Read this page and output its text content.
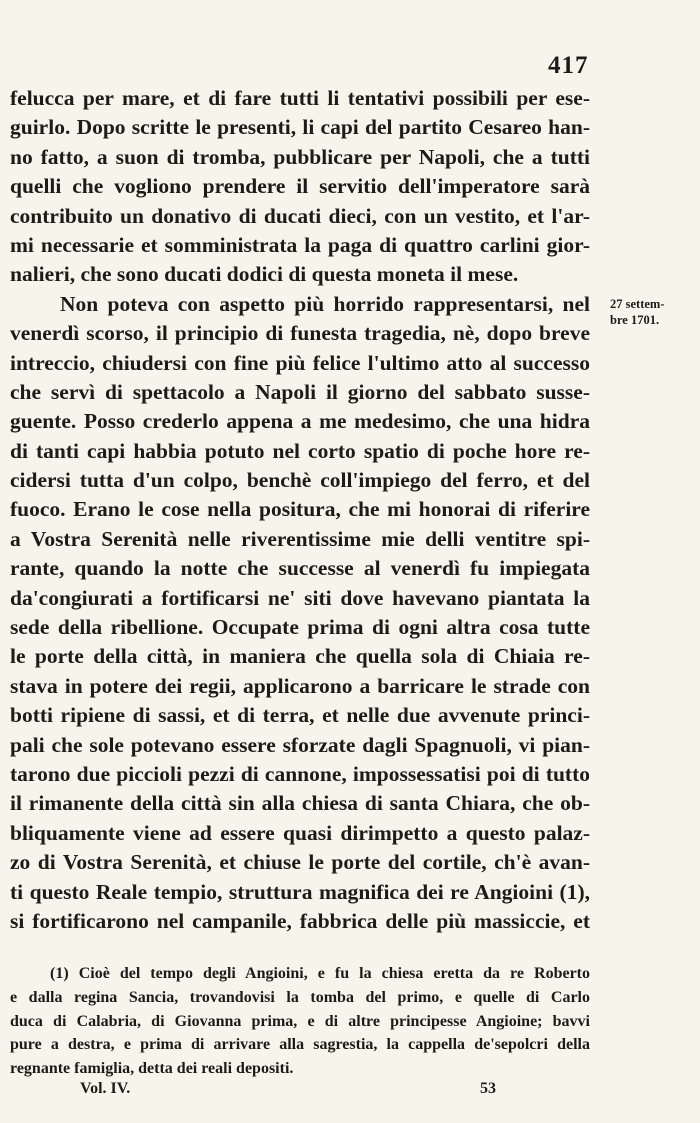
417
felucca per mare, et di fare tutti li tentativi possibili per ese-
guirlo. Dopo scritte le presenti, li capi del partito Cesareo han-
no fatto, a suon di tromba, pubblicare per Napoli, che a tutti
quelli che vogliono prendere il servitio dell'imperatore sarà
contribuito un donativo di ducati dieci, con un vestito, et l'ar-
mi necessarie et somministrata la paga di quattro carlini gior-
nalieri, che sono ducati dodici di questa moneta il mese.
Non poteva con aspetto più horrido rappresentarsi, nel
venerdì scorso, il principio di funesta tragedia, nè, dopo breve
intreccio, chiudersi con fine più felice l'ultimo atto al successo
che servì di spettacolo a Napoli il giorno del sabbato susse-
guente. Posso crederlo appena a me medesimo, che una hidra
di tanti capi habbia potuto nel corto spatio di poche hore re-
cidersi tutta d'un colpo, benchè coll'impiego del ferro, et del
fuoco. Erano le cose nella positura, che mi honorai di riferire
a Vostra Serenità nelle riverentissime mie delli ventitre spi-
rante, quando la notte che successe al venerdì fu impiegata
da'congiurati a fortificarsi ne' siti dove havevano piantata la
sede della ribellione. Occupate prima di ogni altra cosa tutte
le porte della città, in maniera che quella sola di Chiaia re-
stava in potere dei regii, applicarono a barricare le strade con
botti ripiene di sassi, et di terra, et nelle due avvenute princi-
pali che sole potevano essere sforzate dagli Spagnuoli, vi pian-
tarono due piccioli pezzi di cannone, impossessatisi poi di tutto
il rimanente della città sin alla chiesa di santa Chiara, che ob-
bliquamente viene ad essere quasi dirimpetto a questo palaz-
zo di Vostra Serenità, et chiuse le porte del cortile, ch'è avan-
ti questo Reale tempio, struttura magnifica dei re Angioini (1),
si fortificarono nel campanile, fabbrica delle più massiccie, et
27 settem-
bre 1701.
(1) Cioè del tempo degli Angioini, e fu la chiesa eretta da re Roberto
e dalla regina Sancia, trovandovisi la tomba del primo, e quelle di Carlo
duca di Calabria, di Giovanna prima, e di altre principesse Angioine; bavvi
pure a destra, e prima di arrivare alla sagrestia, la cappella de'sepolcri della
regnante famiglia, detta dei reali depositi.
Vol. IV.	53
